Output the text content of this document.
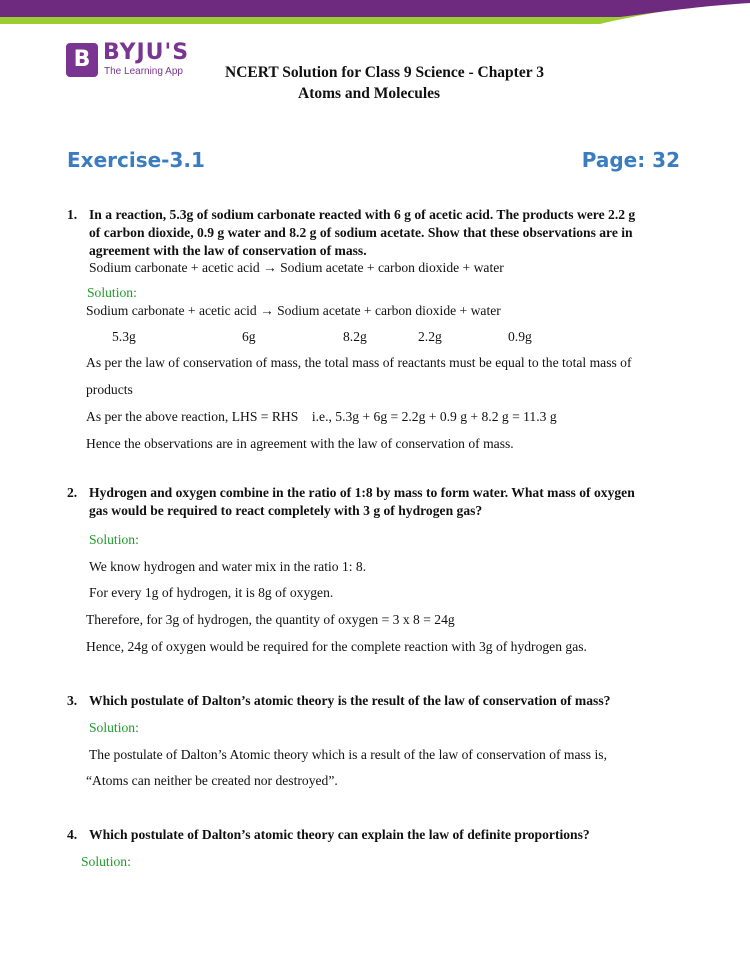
B BYJU'S
The Learning App	NCERT Solution for Class 9 Science - Chapter 3
Atoms and Molecules
Exercise-3.1	Page: 32
1. In a reaction, 5.3g of sodium carbonate reacted with 6 g of acetic acid. The products were 2.2 g
of carbon dioxide, 0.9 g water and 8.2 g of sodium acetate. Show that these observations are in
agreement with the law of conservation of mass.
Sodium carbonate + acetic acid → Sodium acetate + carbon dioxide + water
Solution:
Sodium carbonate + acetic acid → Sodium acetate + carbon dioxide + water
5.3g	6g	8.2g	2.2g	0.9g
As per the law of conservation of mass, the total mass of reactants must be equal to the total mass of
products
As per the above reaction, LHS = RHS    i.e., 5.3g + 6g = 2.2g + 0.9 g + 8.2 g = 11.3 g
Hence the observations are in agreement with the law of conservation of mass.
2. Hydrogen and oxygen combine in the ratio of 1:8 by mass to form water. What mass of oxygen
gas would be required to react completely with 3 g of hydrogen gas?
Solution:
We know hydrogen and water mix in the ratio 1: 8.
For every 1g of hydrogen, it is 8g of oxygen.
Therefore, for 3g of hydrogen, the quantity of oxygen = 3 x 8 = 24g
Hence, 24g of oxygen would be required for the complete reaction with 3g of hydrogen gas.
3. Which postulate of Dalton’s atomic theory is the result of the law of conservation of mass?
Solution:
The postulate of Dalton’s Atomic theory which is a result of the law of conservation of mass is,
“Atoms can neither be created nor destroyed”.
4. Which postulate of Dalton’s atomic theory can explain the law of definite proportions?
Solution:
